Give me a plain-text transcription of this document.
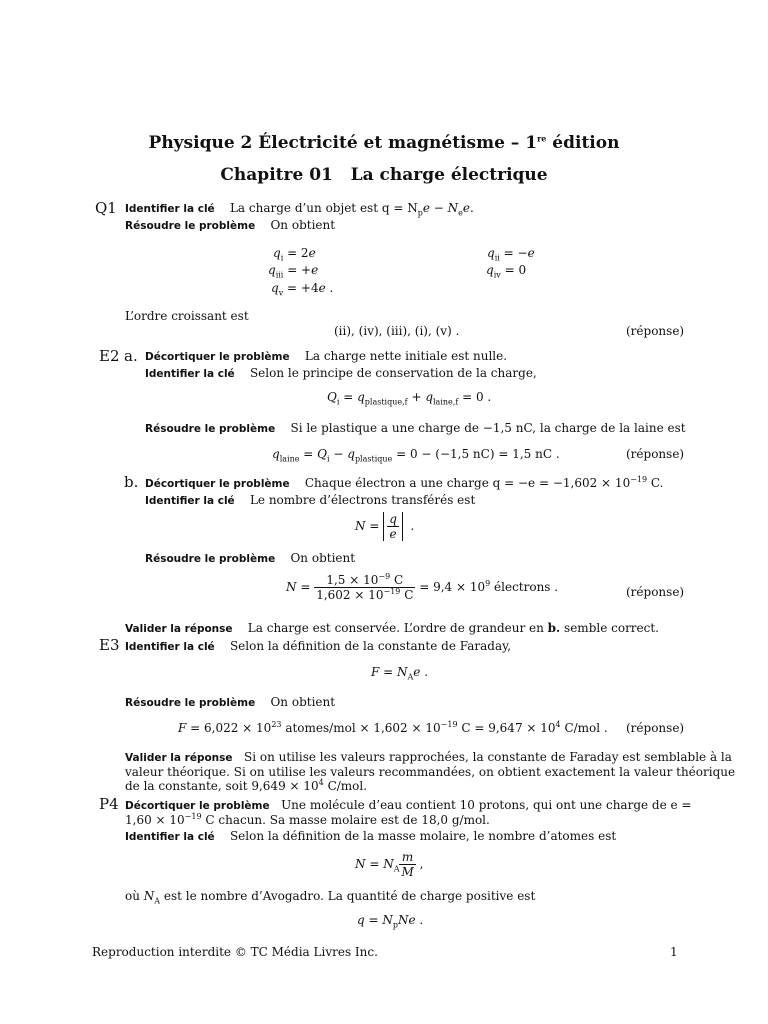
Physique 2 Électricité et magnétisme – 1re édition
Chapitre 01 La charge électrique
Q1 Identifier la clé La charge d’un objet est $q = N_pe - N_ee$.
Résoudre le problème On obtient
$q_i = 2e$	$q_{ii} = -e$
$q_{iii} = +e$	$q_{iv} = 0$
$q_v = +4e$ .
L’ordre croissant est
(ii), (iv), (iii), (i), (v) .	(réponse)
E2 a. Décortiquer le problème La charge nette initiale est nulle.
Identifier la clé Selon le principe de conservation de la charge,
$Q_i = q_{plastique,f} + q_{laine,f} = 0$ .
Résoudre le problème Si le plastique a une charge de −1,5 nC, la charge de la laine est
$q_{laine} = Q_i - q_{plastique} = 0 - (-1,5$ nC) = 1,5 nC .	(réponse)
b. Décortiquer le problème Chaque électron a une charge $q = -e = -1,602 \times 10^{-19}$ C.
Identifier la clé Le nombre d’électrons transférés est
$N = \frac{q}{e}$ .
Résoudre le problème On obtient
$N = \frac{1,5 \times 10^{-9} C}{1,602 \times 10^{-19} C} = 9,4 \times 10^9$ électrons .	(réponse)
Valider la réponse La charge est conservée. L’ordre de grandeur en b. semble correct.
E3 Identifier la clé Selon la définition de la constante de Faraday,
$F = N_Ae$ .
Résoudre le problème On obtient
$F = 6,022 \times 10^{23}$ atomes/mol × $1,602 \times 10^{-19}$ $C = 9,647 \times 10^4$ C/mol . (réponse)
Valider la réponse Si on utilise les valeurs rapprochées, la constante de Faraday est semblable à la
valeur théorique. Si on utilise les valeurs recommandées, on obtient exactement la valeur théorique
de la constante, soit $9,649 \times 10^4$ C/mol.
P4 Décortiquer le problème Une molécule d’eau contient 10 protons, qui ont une charge de e =
$1,60 \times 10^{-19}$ C chacun. Sa masse molaire est de 18,0 g/mol.
Identifier la clé Selon la définition de la masse molaire, le nombre d’atomes est
$N = N_A \frac{m}{M}$ ,
où $N_A$ est le nombre d’Avogadro. La quantité de charge positive est
$q = N_pNe$ .
Reproduction interdite © TC Média Livres Inc.	1
